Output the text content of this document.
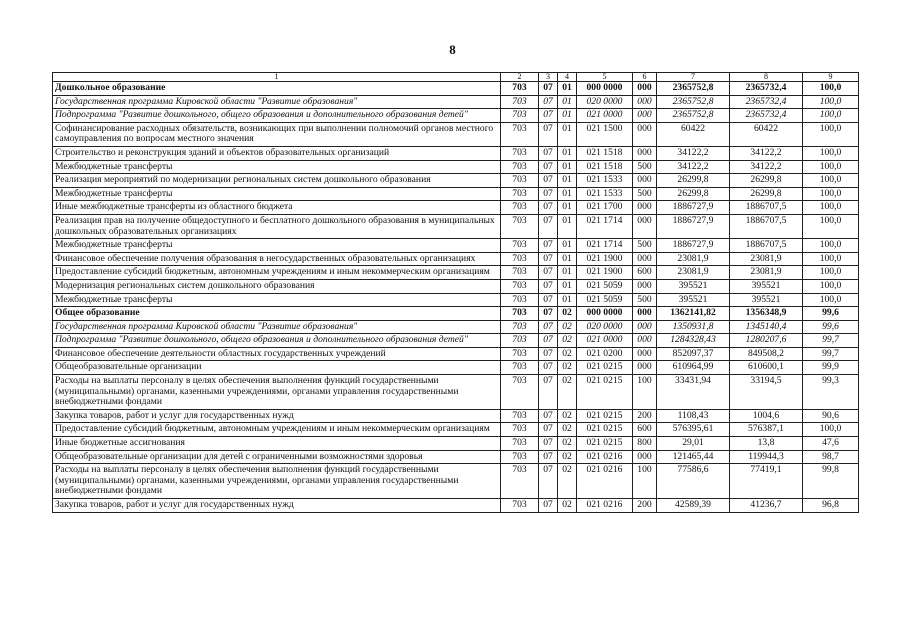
8
1	2	3	4	5	6	7	8	9
Дошкольное образование	703	07	01	000 0000	000	2365752,8	2365732,4	100,0
Государственная программа Кировской области "Развитие образования"	703	07	01	020 0000	000	2365752,8	2365732,4	100,0
Подпрограмма "Развитие дошкольного, общего образования и дополнительного образования детей"	703	07	01	021 0000	000	2365752,8	2365732,4	100,0
Софинансирование расходных обязательств, возникающих при выполнении полномочий органов местного самоуправления по вопросам местного значения	703	07	01	021 1500	000	60422	60422	100,0
Строительство и реконструкция зданий и объектов образовательных организаций	703	07	01	021 1518	000	34122,2	34122,2	100,0
Межбюджетные трансферты	703	07	01	021 1518	500	34122,2	34122,2	100,0
Реализация мероприятий по модернизации региональных систем дошкольного образования	703	07	01	021 1533	000	26299,8	26299,8	100,0
Межбюджетные трансферты	703	07	01	021 1533	500	26299,8	26299,8	100,0
Иные межбюджетные трансферты из областного бюджета	703	07	01	021 1700	000	1886727,9	1886707,5	100,0
Реализация прав на получение общедоступного и бесплатного дошкольного образования в муниципальных дошкольных образовательных организациях	703	07	01	021 1714	000	1886727,9	1886707,5	100,0
Межбюджетные трансферты	703	07	01	021 1714	500	1886727,9	1886707,5	100,0
Финансовое обеспечение получения образования в негосударственных образовательных организациях	703	07	01	021 1900	000	23081,9	23081,9	100,0
Предоставление субсидий бюджетным, автономным учреждениям и иным некоммерческим организациям	703	07	01	021 1900	600	23081,9	23081,9	100,0
Модернизация региональных систем дошкольного образования	703	07	01	021 5059	000	395521	395521	100,0
Межбюджетные трансферты	703	07	01	021 5059	500	395521	395521	100,0
Общее образование	703	07	02	000 0000	000	1362141,82	1356348,9	99,6
Государственная программа Кировской области "Развитие образования"	703	07	02	020 0000	000	1350931,8	1345140,4	99,6
Подпрограмма "Развитие дошкольного, общего образования и дополнительного образования детей"	703	07	02	021 0000	000	1284328,43	1280207,6	99,7
Финансовое обеспечение деятельности областных государственных учреждений	703	07	02	021 0200	000	852097,37	849508,2	99,7
Общеобразовательные организации	703	07	02	021 0215	000	610964,99	610600,1	99,9
Расходы на выплаты персоналу в целях обеспечения выполнения функций государственными (муниципальными) органами, казенными учреждениями, органами управления государственными внебюджетными фондами	703	07	02	021 0215	100	33431,94	33194,5	99,3
Закупка товаров, работ и услуг для государственных нужд	703	07	02	021 0215	200	1108,43	1004,6	90,6
Предоставление субсидий бюджетным, автономным учреждениям и иным некоммерческим организациям	703	07	02	021 0215	600	576395,61	576387,1	100,0
Иные бюджетные ассигнования	703	07	02	021 0215	800	29,01	13,8	47,6
Общеобразовательные организации для детей с ограниченными возможностями здоровья	703	07	02	021 0216	000	121465,44	119944,3	98,7
Расходы на выплаты персоналу в целях обеспечения выполнения функций государственными (муниципальными) органами, казенными учреждениями, органами управления государственными внебюджетными фондами	703	07	02	021 0216	100	77586,6	77419,1	99,8
Закупка товаров, работ и услуг для государственных нужд	703	07	02	021 0216	200	42589,39	41236,7	96,8
